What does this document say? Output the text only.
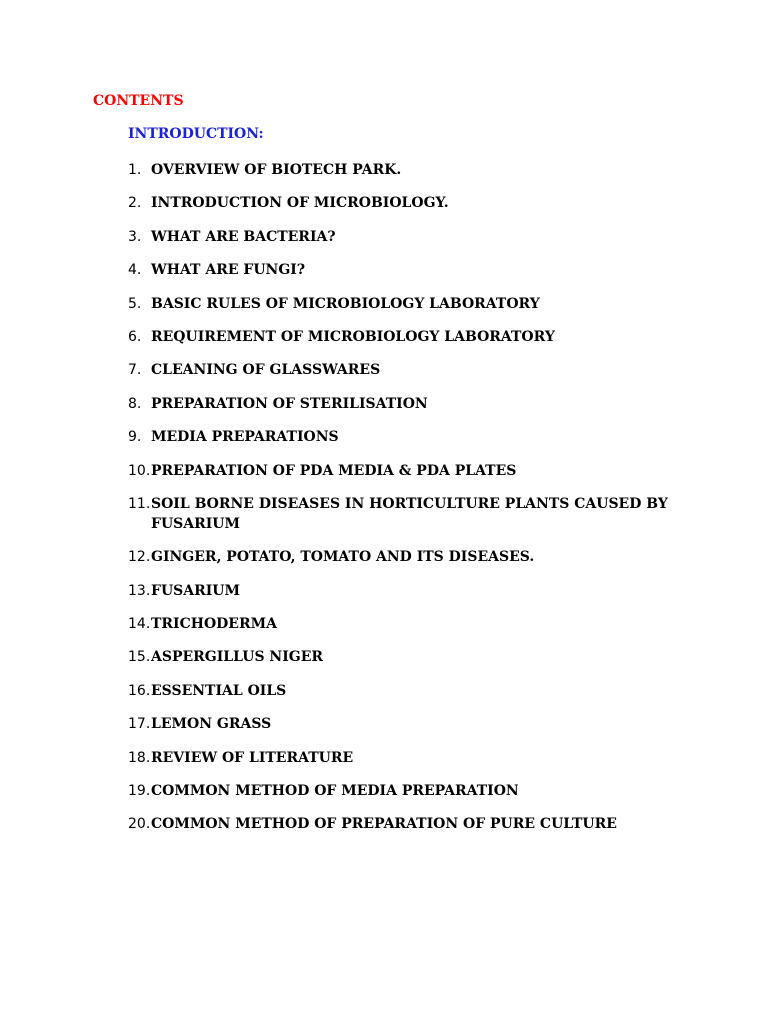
CONTENTS
INTRODUCTION:
1. OVERVIEW OF BIOTECH PARK.
2. INTRODUCTION OF MICROBIOLOGY.
3. WHAT ARE BACTERIA?
4. WHAT ARE FUNGI?
5. BASIC RULES OF MICROBIOLOGY LABORATORY
6. REQUIREMENT OF MICROBIOLOGY LABORATORY
7. CLEANING OF GLASSWARES
8. PREPARATION OF STERILISATION
9. MEDIA PREPARATIONS
10. PREPARATION OF PDA MEDIA & PDA PLATES
11. SOIL BORNE DISEASES IN HORTICULTURE PLANTS CAUSED BY FUSARIUM
12. GINGER, POTATO, TOMATO AND ITS DISEASES.
13. FUSARIUM
14. TRICHODERMA
15. ASPERGILLUS NIGER
16. ESSENTIAL OILS
17. LEMON GRASS
18. REVIEW OF LITERATURE
19. COMMON METHOD OF MEDIA PREPARATION
20. COMMON METHOD OF PREPARATION OF PURE CULTURE
